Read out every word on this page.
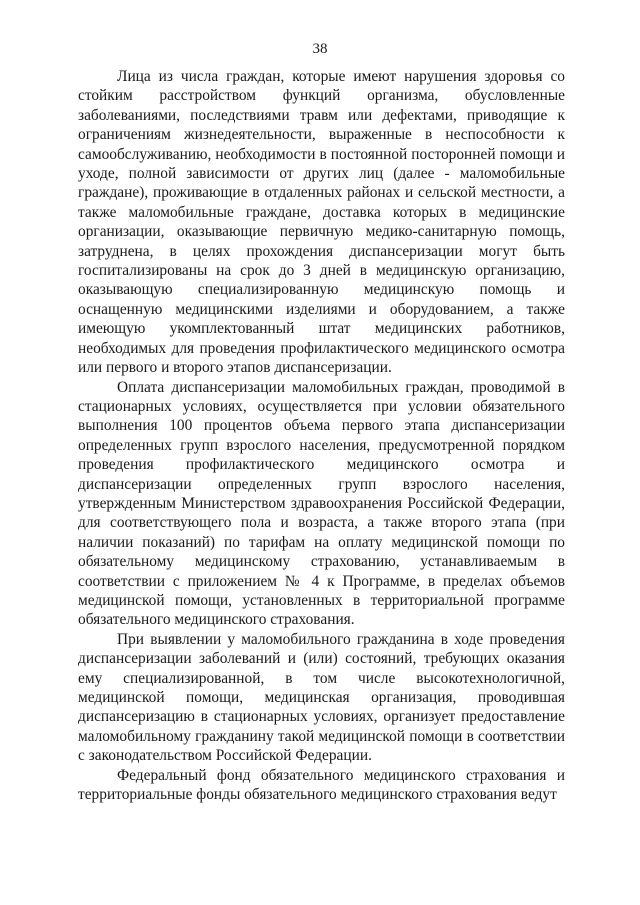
38

Лица из числа граждан, которые имеют нарушения здоровья со стойким расстройством функций организма, обусловленные заболеваниями, последствиями травм или дефектами, приводящие к ограничениям жизнедеятельности, выраженные в неспособности к самообслуживанию, необходимости в постоянной посторонней помощи и уходе, полной зависимости от других лиц (далее - маломобильные граждане), проживающие в отдаленных районах и сельской местности, а также маломобильные граждане, доставка которых в медицинские организации, оказывающие первичную медико-санитарную помощь, затруднена, в целях прохождения диспансеризации могут быть госпитализированы на срок до 3 дней в медицинскую организацию, оказывающую специализированную медицинскую помощь и оснащенную медицинскими изделиями и оборудованием, а также имеющую укомплектованный штат медицинских работников, необходимых для проведения профилактического медицинского осмотра или первого и второго этапов диспансеризации.

Оплата диспансеризации маломобильных граждан, проводимой в стационарных условиях, осуществляется при условии обязательного выполнения 100 процентов объема первого этапа диспансеризации определенных групп взрослого населения, предусмотренной порядком проведения профилактического медицинского осмотра и диспансеризации определенных групп взрослого населения, утвержденным Министерством здравоохранения Российской Федерации, для соответствующего пола и возраста, а также второго этапа (при наличии показаний) по тарифам на оплату медицинской помощи по обязательному медицинскому страхованию, устанавливаемым в соответствии с приложением № 4 к Программе, в пределах объемов медицинской помощи, установленных в территориальной программе обязательного медицинского страхования.

При выявлении у маломобильного гражданина в ходе проведения диспансеризации заболеваний и (или) состояний, требующих оказания ему специализированной, в том числе высокотехнологичной, медицинской помощи, медицинская организация, проводившая диспансеризацию в стационарных условиях, организует предоставление маломобильному гражданину такой медицинской помощи в соответствии с законодательством Российской Федерации.

Федеральный фонд обязательного медицинского страхования и территориальные фонды обязательного медицинского страхования ведут
